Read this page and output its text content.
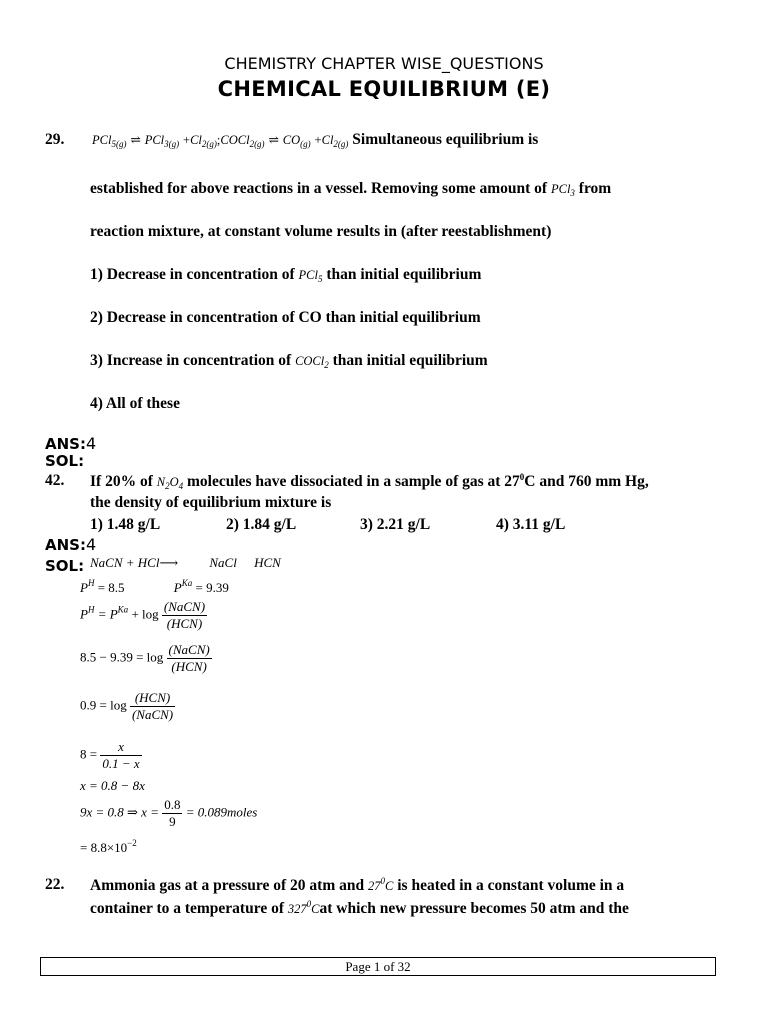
CHEMISTRY CHAPTER WISE_QUESTIONS
CHEMICAL EQUILIBRIUM (E)
29. PCl$_{5(g)}$ ⇌ $PCl_{3(g)} +Cl_{2(g)};COCl_{2(g)}$ ⇌ $CO_{(g)} +Cl_{2(g)}$ Simultaneous equilibrium is
established for above reactions in a vessel. Removing some amount of PCl$_3$ from
reaction mixture, at constant volume results in (after reestablishment)
1) Decrease in concentration of PCl$_5$ than initial equilibrium
2) Decrease in concentration of CO than initial equilibrium
3) Increase in concentration of COCl$_2$ than initial equilibrium
4) All of these
ANS:4
SOL:
42. If 20% of $N_2O_4$ molecules have dissociated in a sample of gas at $27^0C$ and 760 mm Hg,
the density of equilibrium mixture is
1) 1.48 g/L	2) 1.84 g/L	3) 2.21 g/L	4) 3.11 g/L
ANS:4
SOL: NaCN + HCl⟶ NaCl HCN
$P^H = 8.5$	$P^{Ka} = 9.39$
$P^H = P^{Ka} + \log \frac{\text{(NaCN)}}{\text{(HCN)}}$
$8.5 - 9.39 = \log \frac{\text{(NaCN)}}{\text{(HCN)}}$
$0.9 = \log \frac{\text{(HCN)}}{\text{(NaCN)}}$
$8 = \frac{x}{0.1 - x}$
x = 0.8 − 8x
9x = 0.8 ⇒ $x = \frac{0.8}{9}$ = 0.089moles
= $8.8\times 10^{-2}$
22. Ammonia gas at a pressure of 20 atm and $27^0C$ is heated in a constant volume in a
container to a temperature of $327^0Cat$ which new pressure becomes 50 atm and the
Page 1 of 32
